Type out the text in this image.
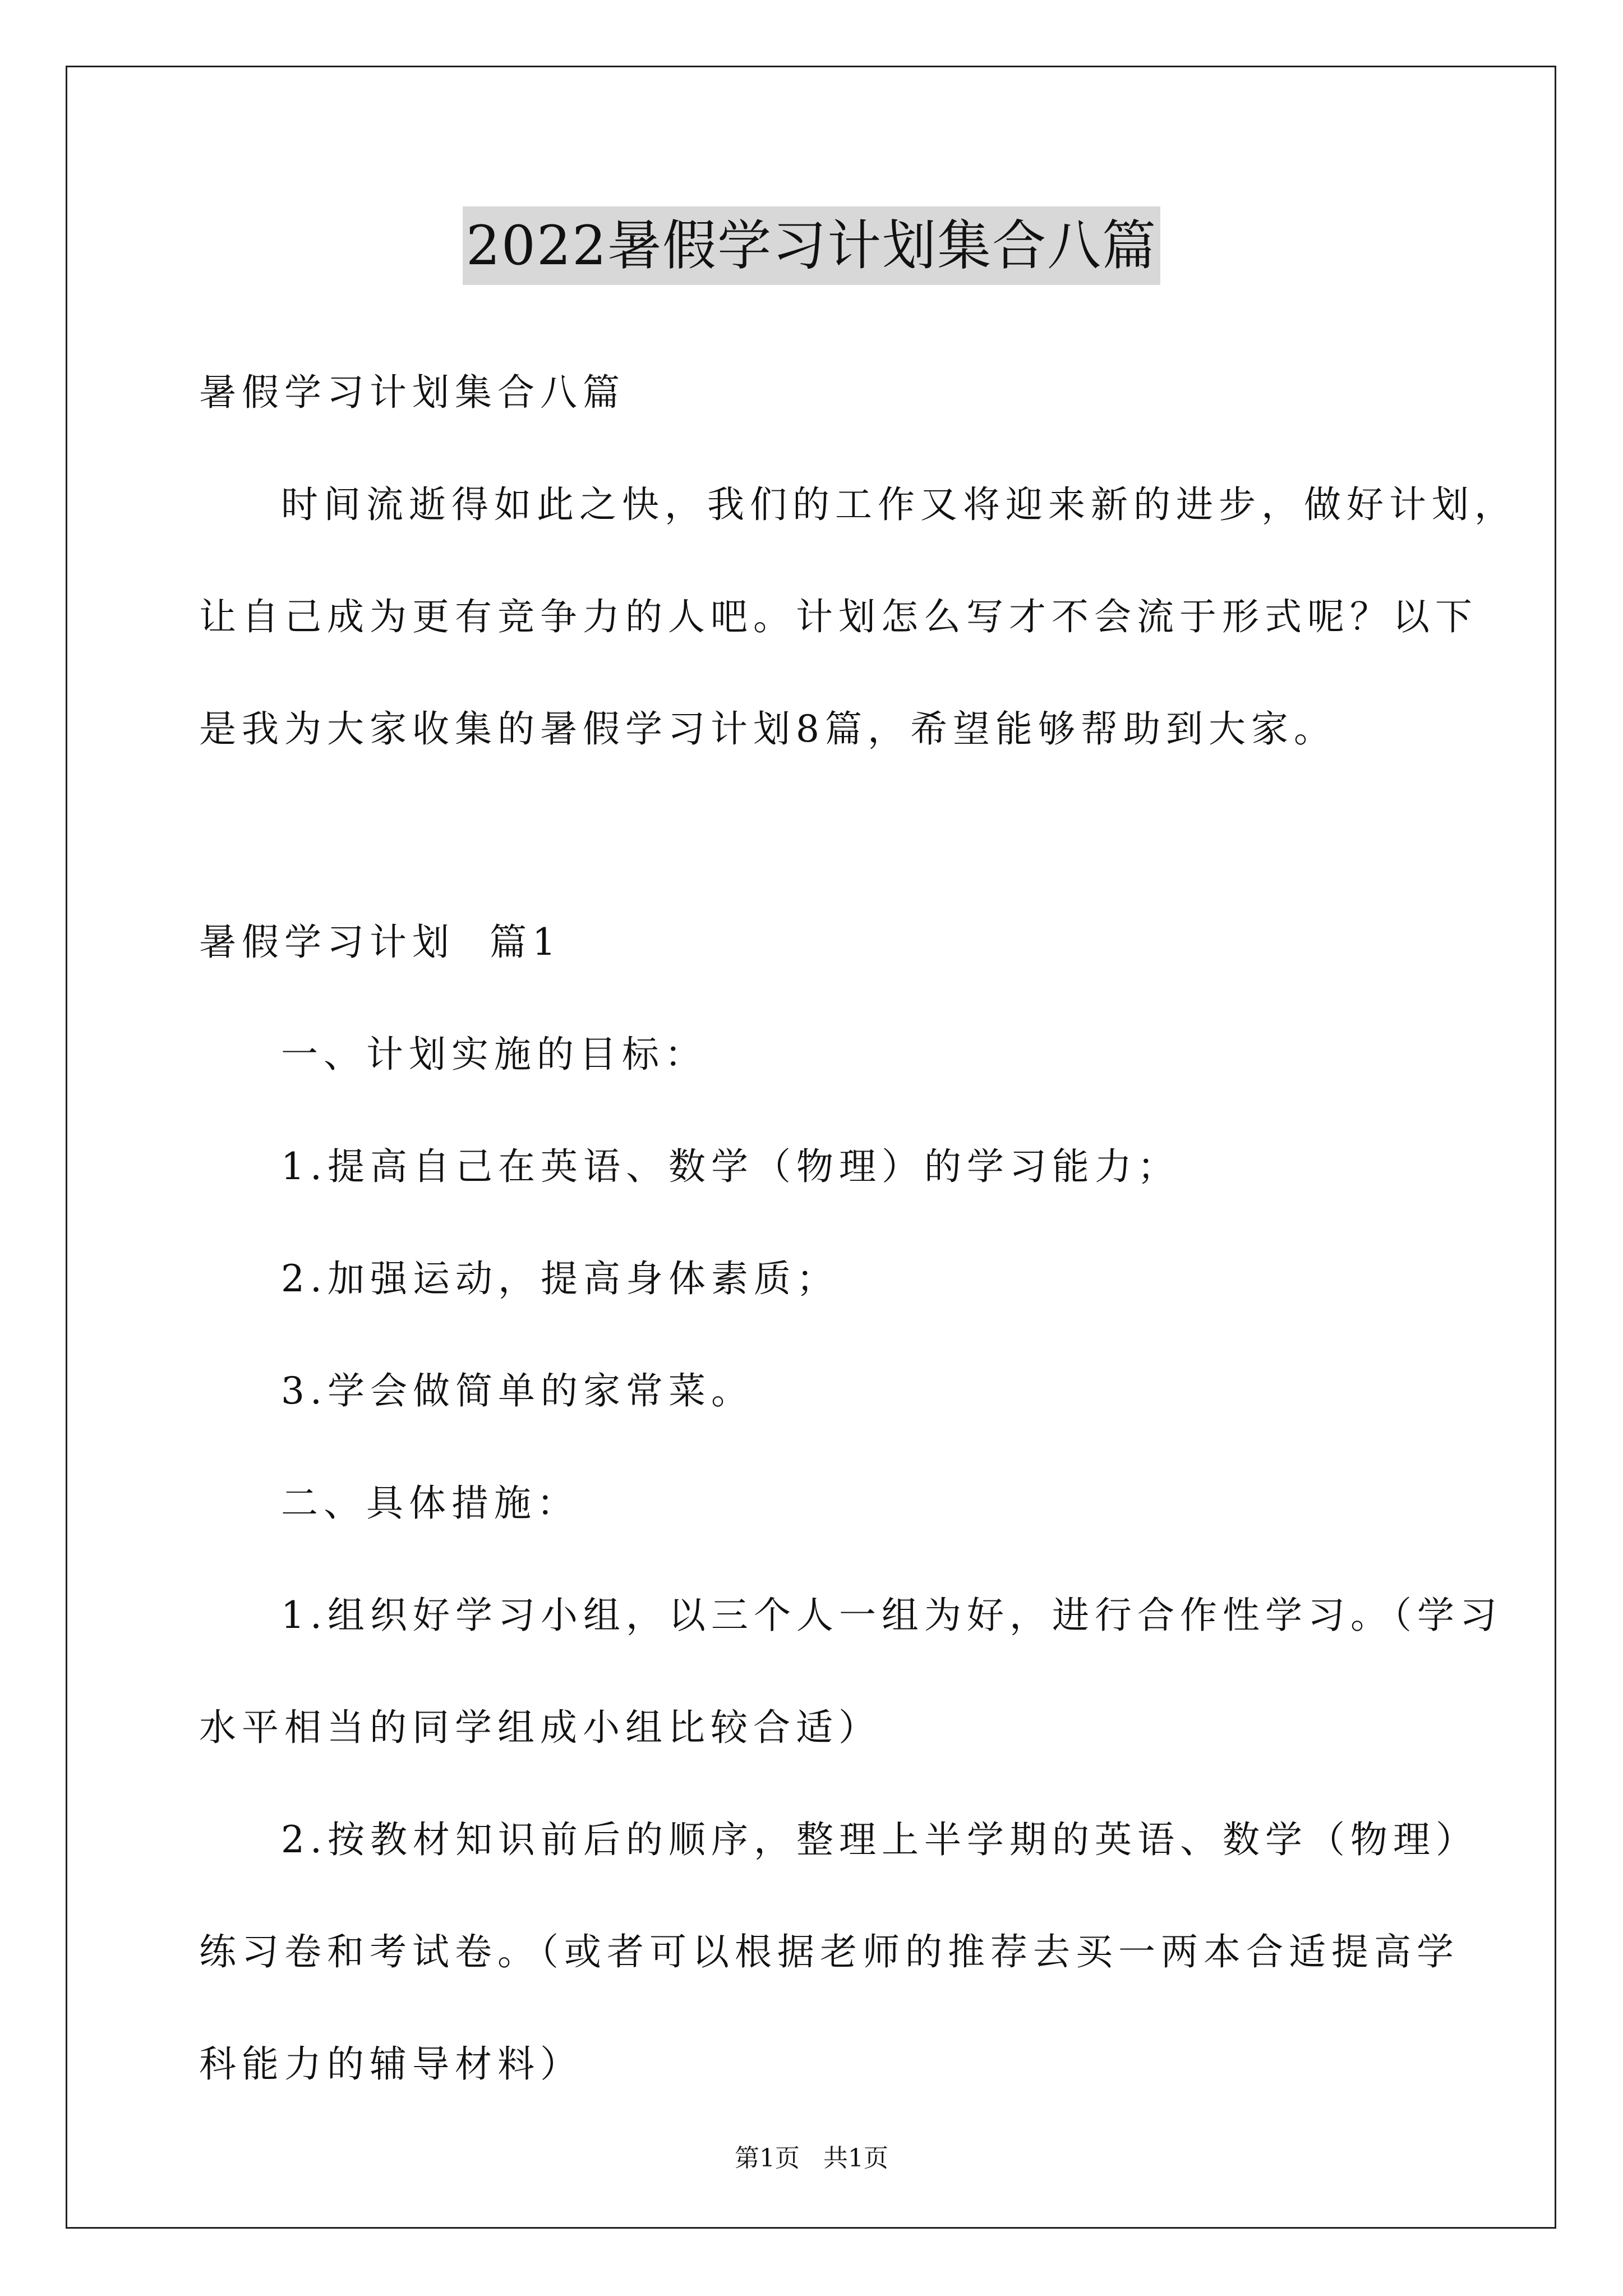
2022暑假学习计划集合八篇
暑假学习计划集合八篇
时间流逝得如此之快，我们的工作又将迎来新的进步，做好计划，
让自己成为更有竞争力的人吧。计划怎么写才不会流于形式呢？以下
是我为大家收集的暑假学习计划8篇，希望能够帮助到大家。
暑假学习计划  篇1
一、计划实施的目标：
1.提高自己在英语、数学（物理）的学习能力；
2.加强运动，提高身体素质；
3.学会做简单的家常菜。
二、具体措施：
1.组织好学习小组，以三个人一组为好，进行合作性学习。（学习
水平相当的同学组成小组比较合适）
2.按教材知识前后的顺序，整理上半学期的英语、数学（物理）
练习卷和考试卷。（或者可以根据老师的推荐去买一两本合适提高学
科能力的辅导材料）
第1页   共1页
